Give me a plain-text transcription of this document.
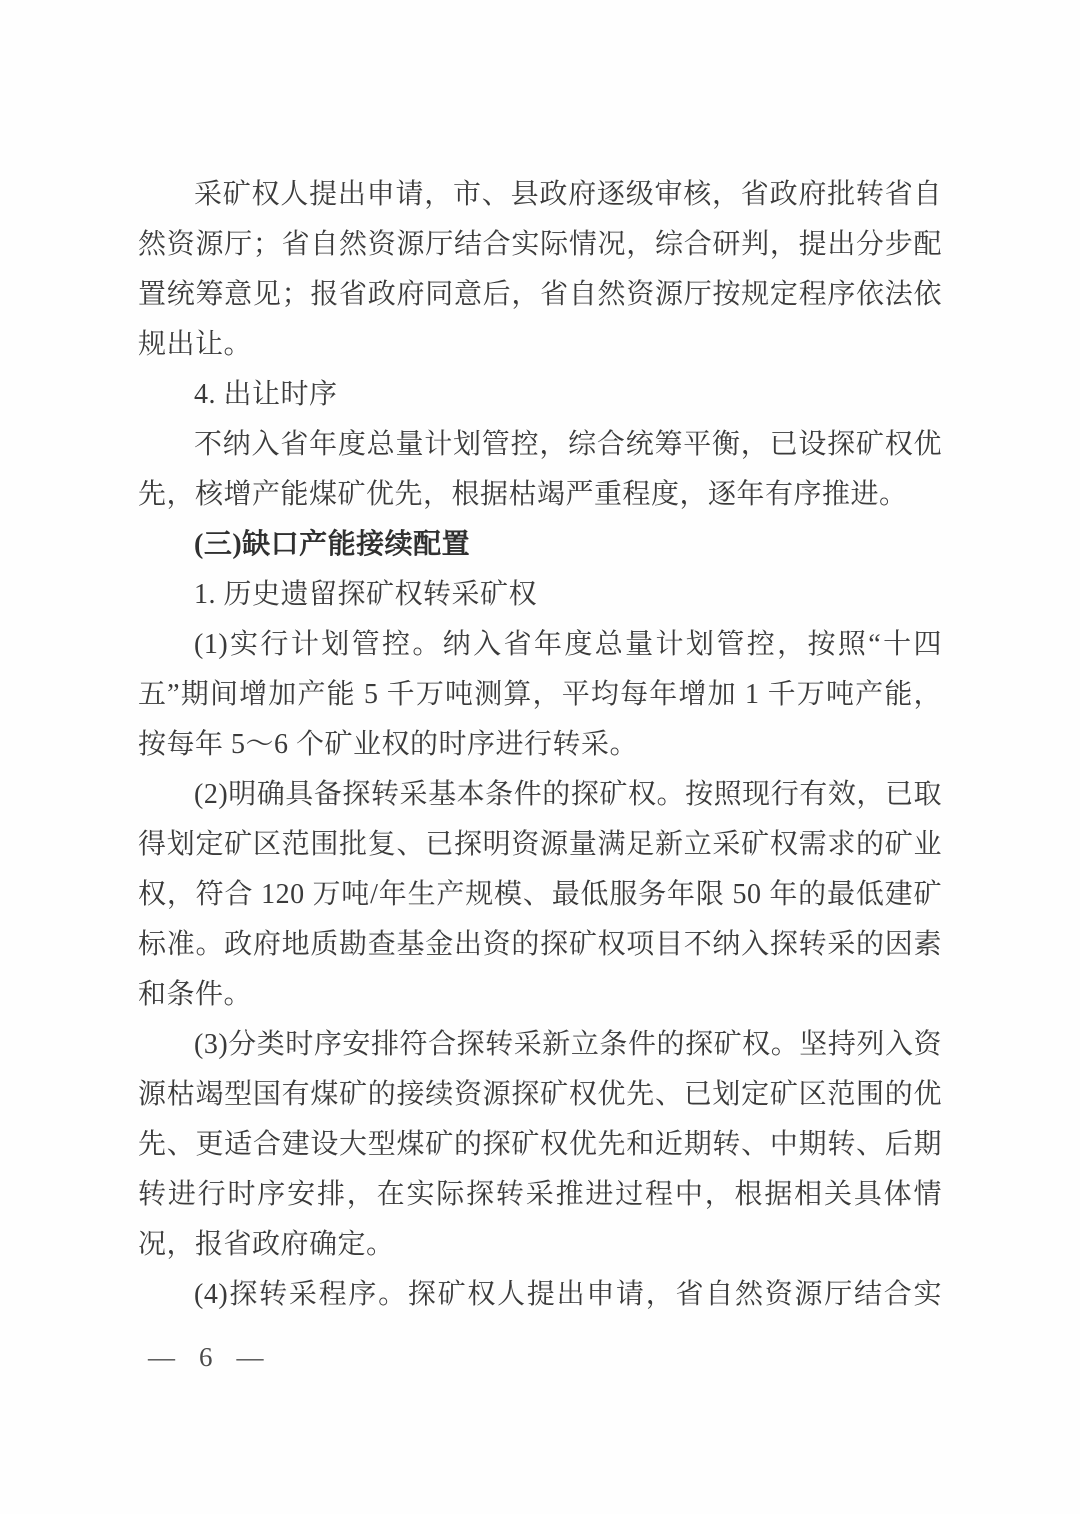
采矿权人提出申请，市、县政府逐级审核，省政府批转省自然资源厅；省自然资源厅结合实际情况，综合研判，提出分步配置统筹意见；报省政府同意后，省自然资源厅按规定程序依法依规出让。

4. 出让时序

不纳入省年度总量计划管控，综合统筹平衡，已设探矿权优先，核增产能煤矿优先，根据枯竭严重程度，逐年有序推进。

(三)缺口产能接续配置

1. 历史遗留探矿权转采矿权

(1)实行计划管控。纳入省年度总量计划管控，按照“十四五”期间增加产能 5 千万吨测算，平均每年增加 1 千万吨产能，按每年 5～6 个矿业权的时序进行转采。

(2)明确具备探转采基本条件的探矿权。按照现行有效，已取得划定矿区范围批复、已探明资源量满足新立采矿权需求的矿业权，符合 120 万吨/年生产规模、最低服务年限 50 年的最低建矿标准。政府地质勘查基金出资的探矿权项目不纳入探转采的因素和条件。

(3)分类时序安排符合探转采新立条件的探矿权。坚持列入资源枯竭型国有煤矿的接续资源探矿权优先、已划定矿区范围的优先、更适合建设大型煤矿的探矿权优先和近期转、中期转、后期转进行时序安排，在实际探转采推进过程中，根据相关具体情况，报省政府确定。

(4)探转采程序。探矿权人提出申请，省自然资源厅结合实

— 6 —
